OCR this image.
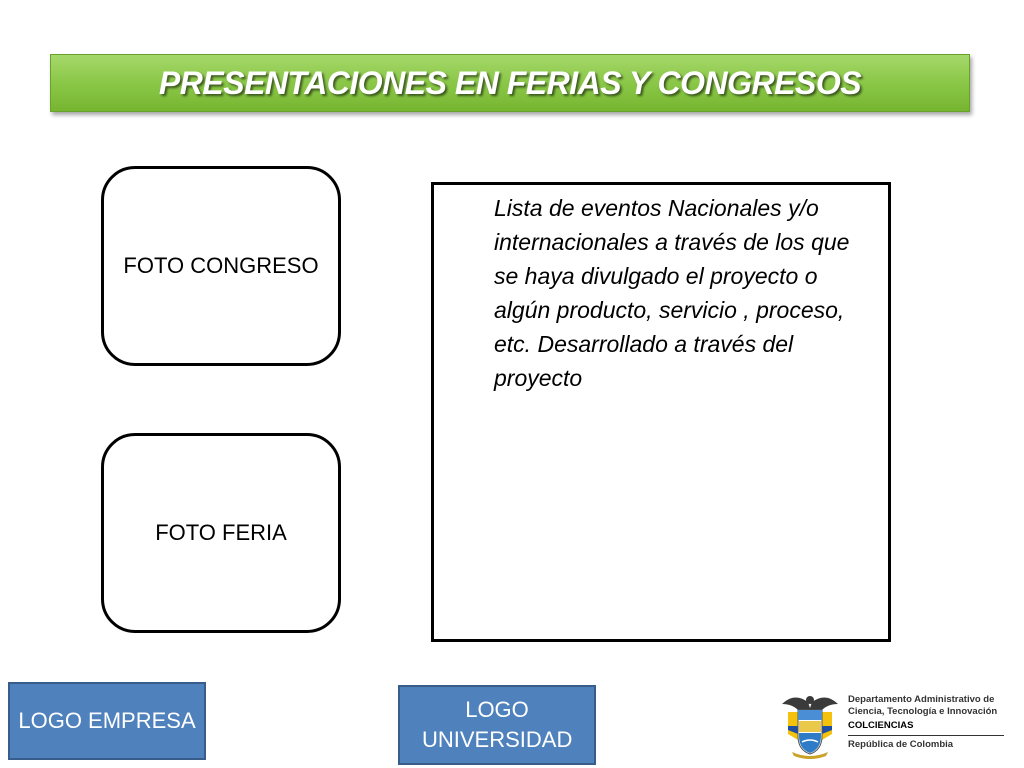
PRESENTACIONES EN FERIAS Y CONGRESOS
FOTO CONGRESO
FOTO FERIA

Lista de eventos Nacionales y/o internacionales a través de los que se haya divulgado el proyecto o algún producto, servicio , proceso, etc. Desarrollado a través del proyecto

LOGO EMPRESA	LOGO UNIVERSIDAD
Departamento Administrativo de
Ciencia, Tecnología e Innovación
COLCIENCIAS
República de Colombia
